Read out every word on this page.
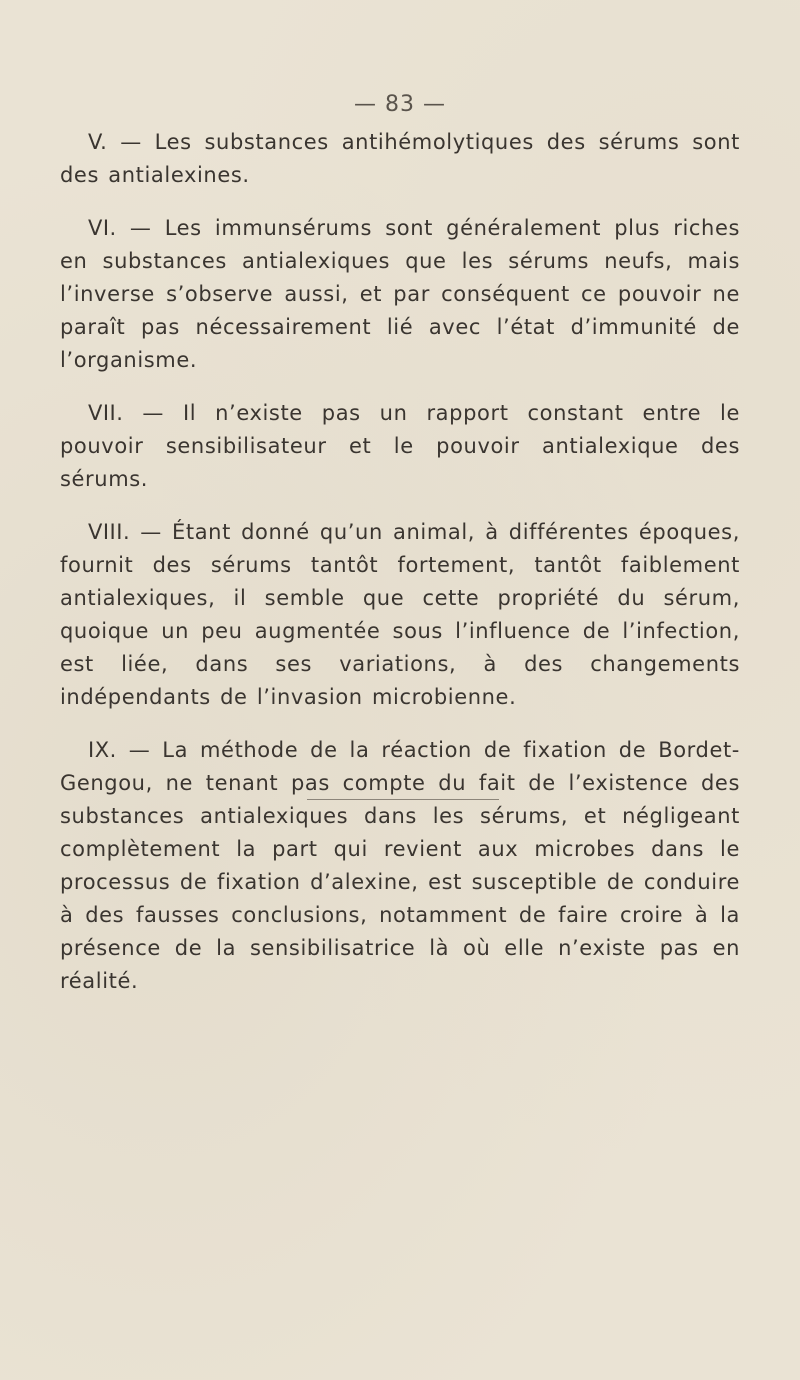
— 83 —

V. — Les substances antihémolytiques des sérums sont des antialexines.

VI. — Les immunsérums sont généralement plus riches en substances antialexiques que les sérums neufs, mais l’inverse s’observe aussi, et par conséquent ce pouvoir ne paraît pas nécessairement lié avec l’état d’immunité de l’organisme.

VII. — Il n’existe pas un rapport constant entre le pouvoir sensibilisateur et le pouvoir antialexique des sérums.

VIII. — Étant donné qu’un animal, à différentes époques, fournit des sérums tantôt fortement, tantôt faiblement antialexiques, il semble que cette propriété du sérum, quoique un peu augmentée sous l’influence de l’infection, est liée, dans ses variations, à des changements indépendants de l’invasion microbienne.

IX. — La méthode de la réaction de fixation de Bordet-Gengou, ne tenant pas compte du fait de l’existence des substances antialexiques dans les sérums, et négligeant complètement la part qui revient aux microbes dans le processus de fixation d’alexine, est susceptible de conduire à des fausses conclusions, notamment de faire croire à la présence de la sensibilisatrice là où elle n’existe pas en réalité.
